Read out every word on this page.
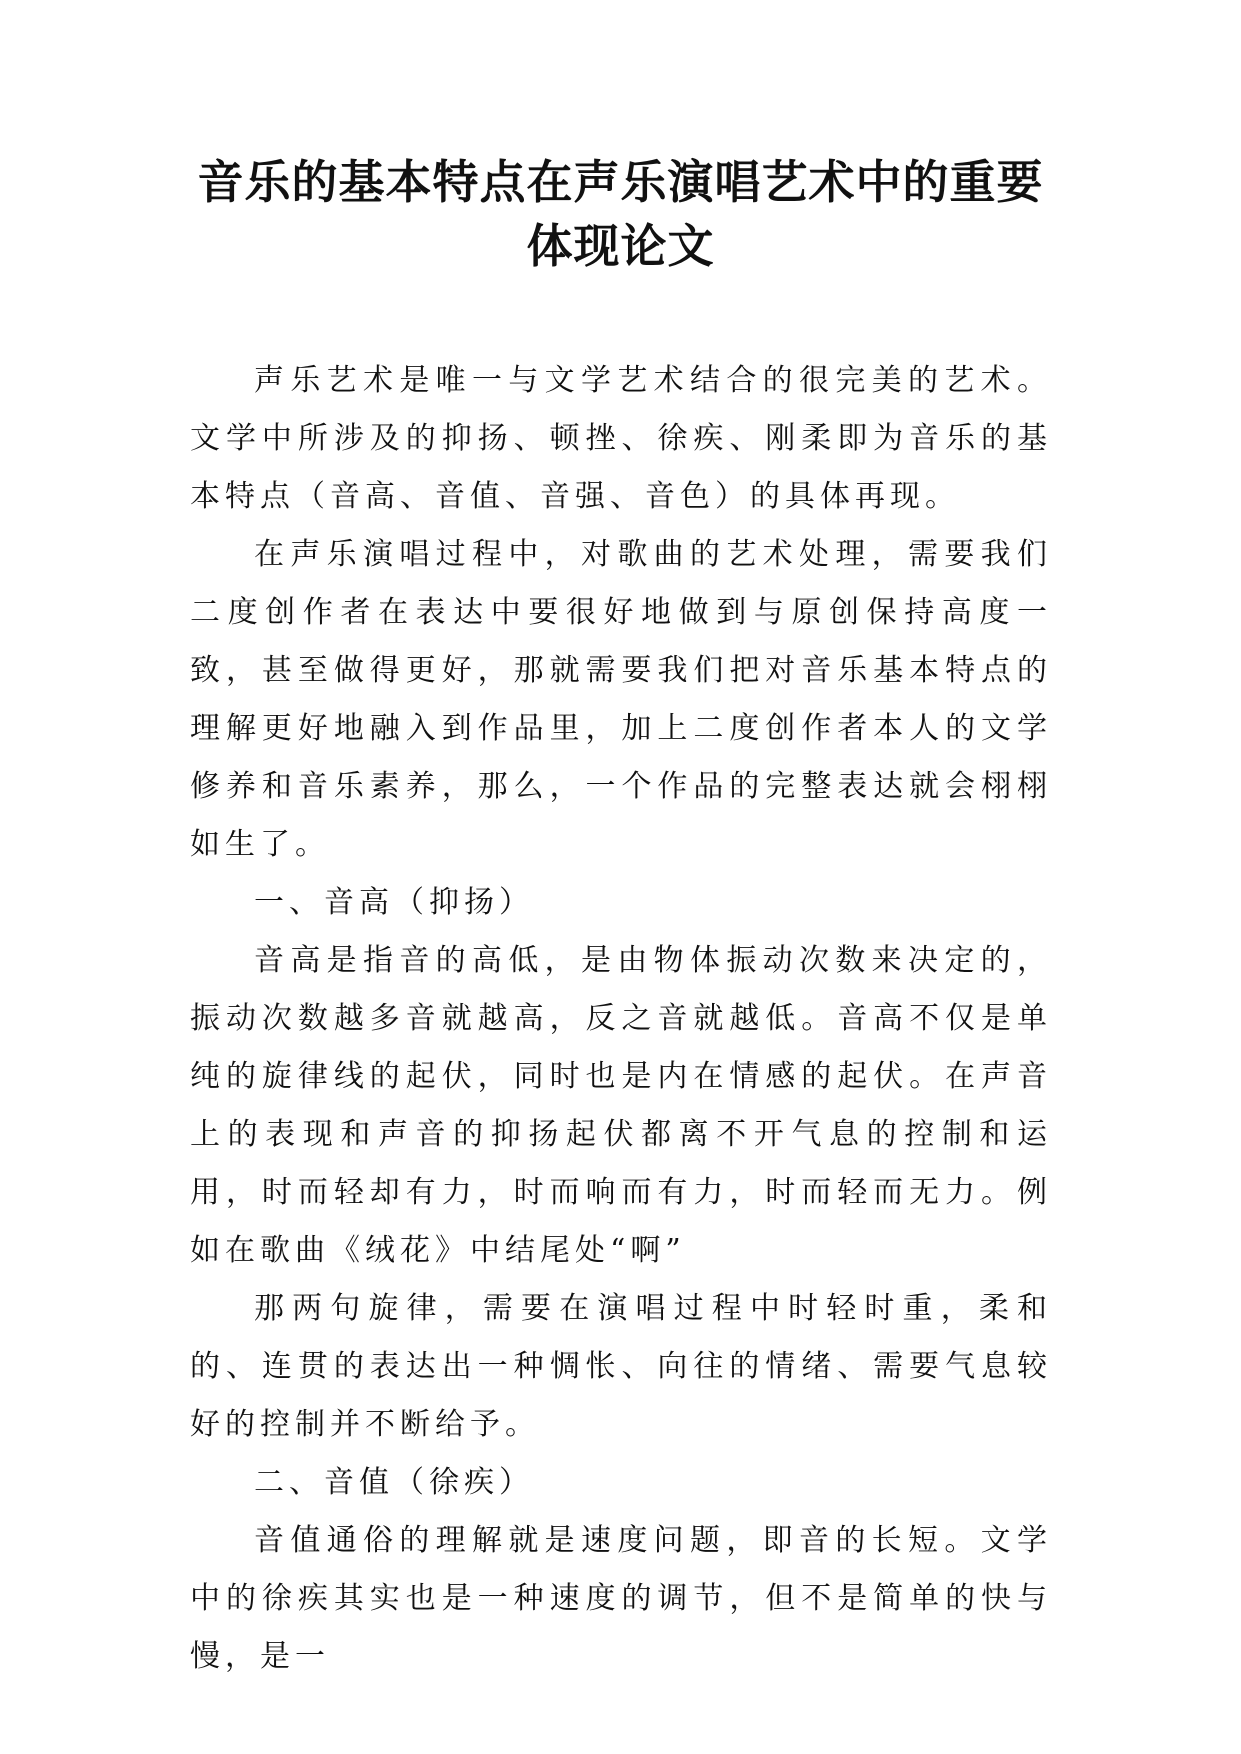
音乐的基本特点在声乐演唱艺术中的重要
体现论文

声乐艺术是唯一与文学艺术结合的很完美的艺术。文学中所涉及的抑扬、顿挫、徐疾、刚柔即为音乐的基本特点（音高、音值、音强、音色）的具体再现。

在声乐演唱过程中，对歌曲的艺术处理，需要我们二度创作者在表达中要很好地做到与原创保持高度一致，甚至做得更好，那就需要我们把对音乐基本特点的理解更好地融入到作品里，加上二度创作者本人的文学修养和音乐素养，那么，一个作品的完整表达就会栩栩如生了。

一、音高（抑扬）

音高是指音的高低，是由物体振动次数来决定的，振动次数越多音就越高，反之音就越低。音高不仅是单纯的旋律线的起伏，同时也是内在情感的起伏。在声音上的表现和声音的抑扬起伏都离不开气息的控制和运用，时而轻却有力，时而响而有力，时而轻而无力。例如在歌曲《绒花》中结尾处“啊”

那两句旋律，需要在演唱过程中时轻时重，柔和的、连贯的表达出一种惆怅、向往的情绪、需要气息较好的控制并不断给予。

二、音值（徐疾）

音值通俗的理解就是速度问题，即音的长短。文学中的徐疾其实也是一种速度的调节，但不是简单的快与慢，是一
